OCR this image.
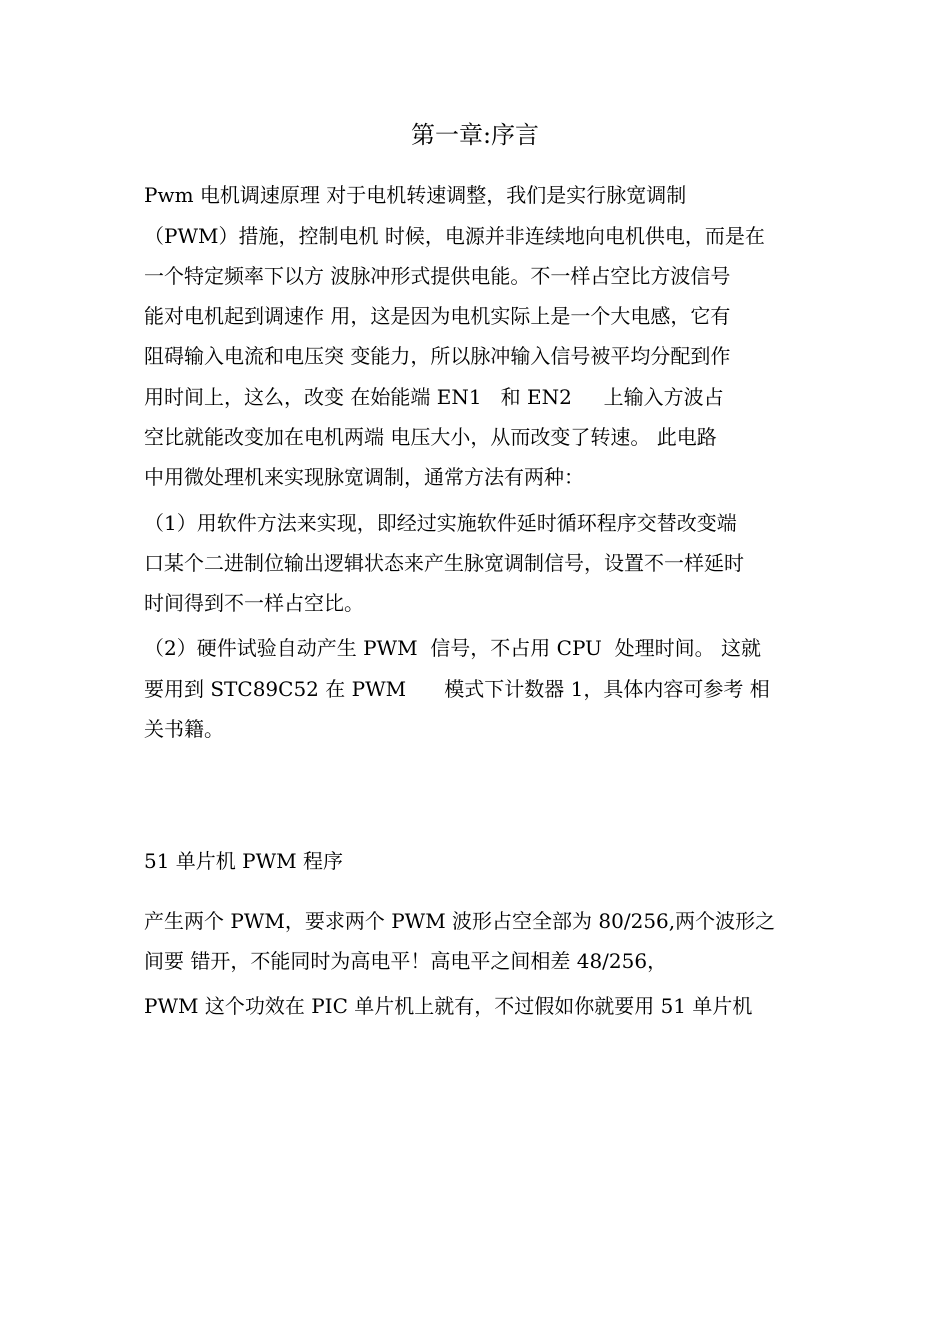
第一章:序言

Pwm 电机调速原理 对于电机转速调整，我们是实行脉宽调制

（PWM）措施，控制电机 时候，电源并非连续地向电机供电，而是在

一个特定频率下以方 波脉冲形式提供电能。不一样占空比方波信号

能对电机起到调速作 用，这是因为电机实际上是一个大电感，它有

阻碍输入电流和电压突 变能力，所以脉冲输入信号被平均分配到作

用时间上，这么，改变 在始能端 EN1   和 EN2     上输入方波占

空比就能改变加在电机两端 电压大小，从而改变了转速。 此电路

中用微处理机来实现脉宽调制，通常方法有两种：

（1）用软件方法来实现，即经过实施软件延时循环程序交替改变端

口某个二进制位输出逻辑状态来产生脉宽调制信号，设置不一样延时

时间得到不一样占空比。

（2）硬件试验自动产生 PWM  信号，不占用 CPU  处理时间。 这就

要用到 STC89C52 在 PWM      模式下计数器 1，具体内容可参考 相

关书籍。

51 单片机 PWM 程序

产生两个 PWM，要求两个 PWM 波形占空全部为 80/256,两个波形之

间要 错开，不能同时为高电平！高电平之间相差 48/256，

PWM 这个功效在 PIC 单片机上就有，不过假如你就要用 51 单片机
